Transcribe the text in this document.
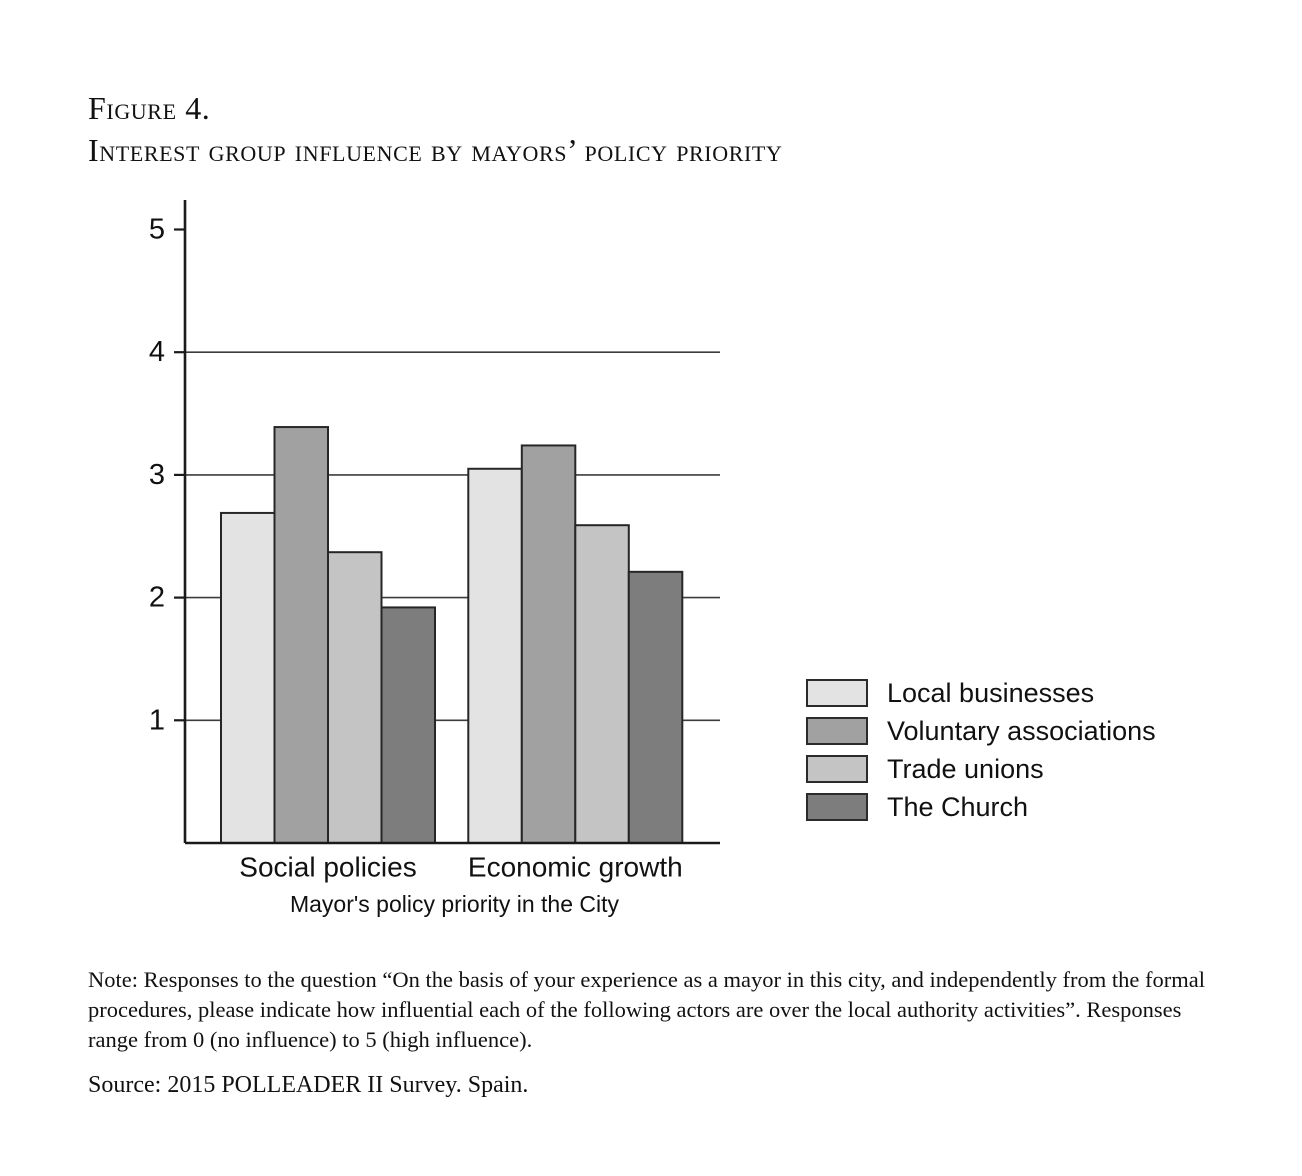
Figure 4.
Interest group influence by mayors’ policy priority
1
2
3
4
5
Social policies Economic growth
Mayor's policy priority in the City
Local businesses
Voluntary associations
Trade unions
The Church

Note: Responses to the question “On the basis of your experience as a mayor in this city, and independently from the formal procedures, please indicate how influential each of the following actors are over the local authority activities”. Responses range from 0 (no influence) to 5 (high influence).

Source: 2015 POLLEADER II Survey. Spain.
